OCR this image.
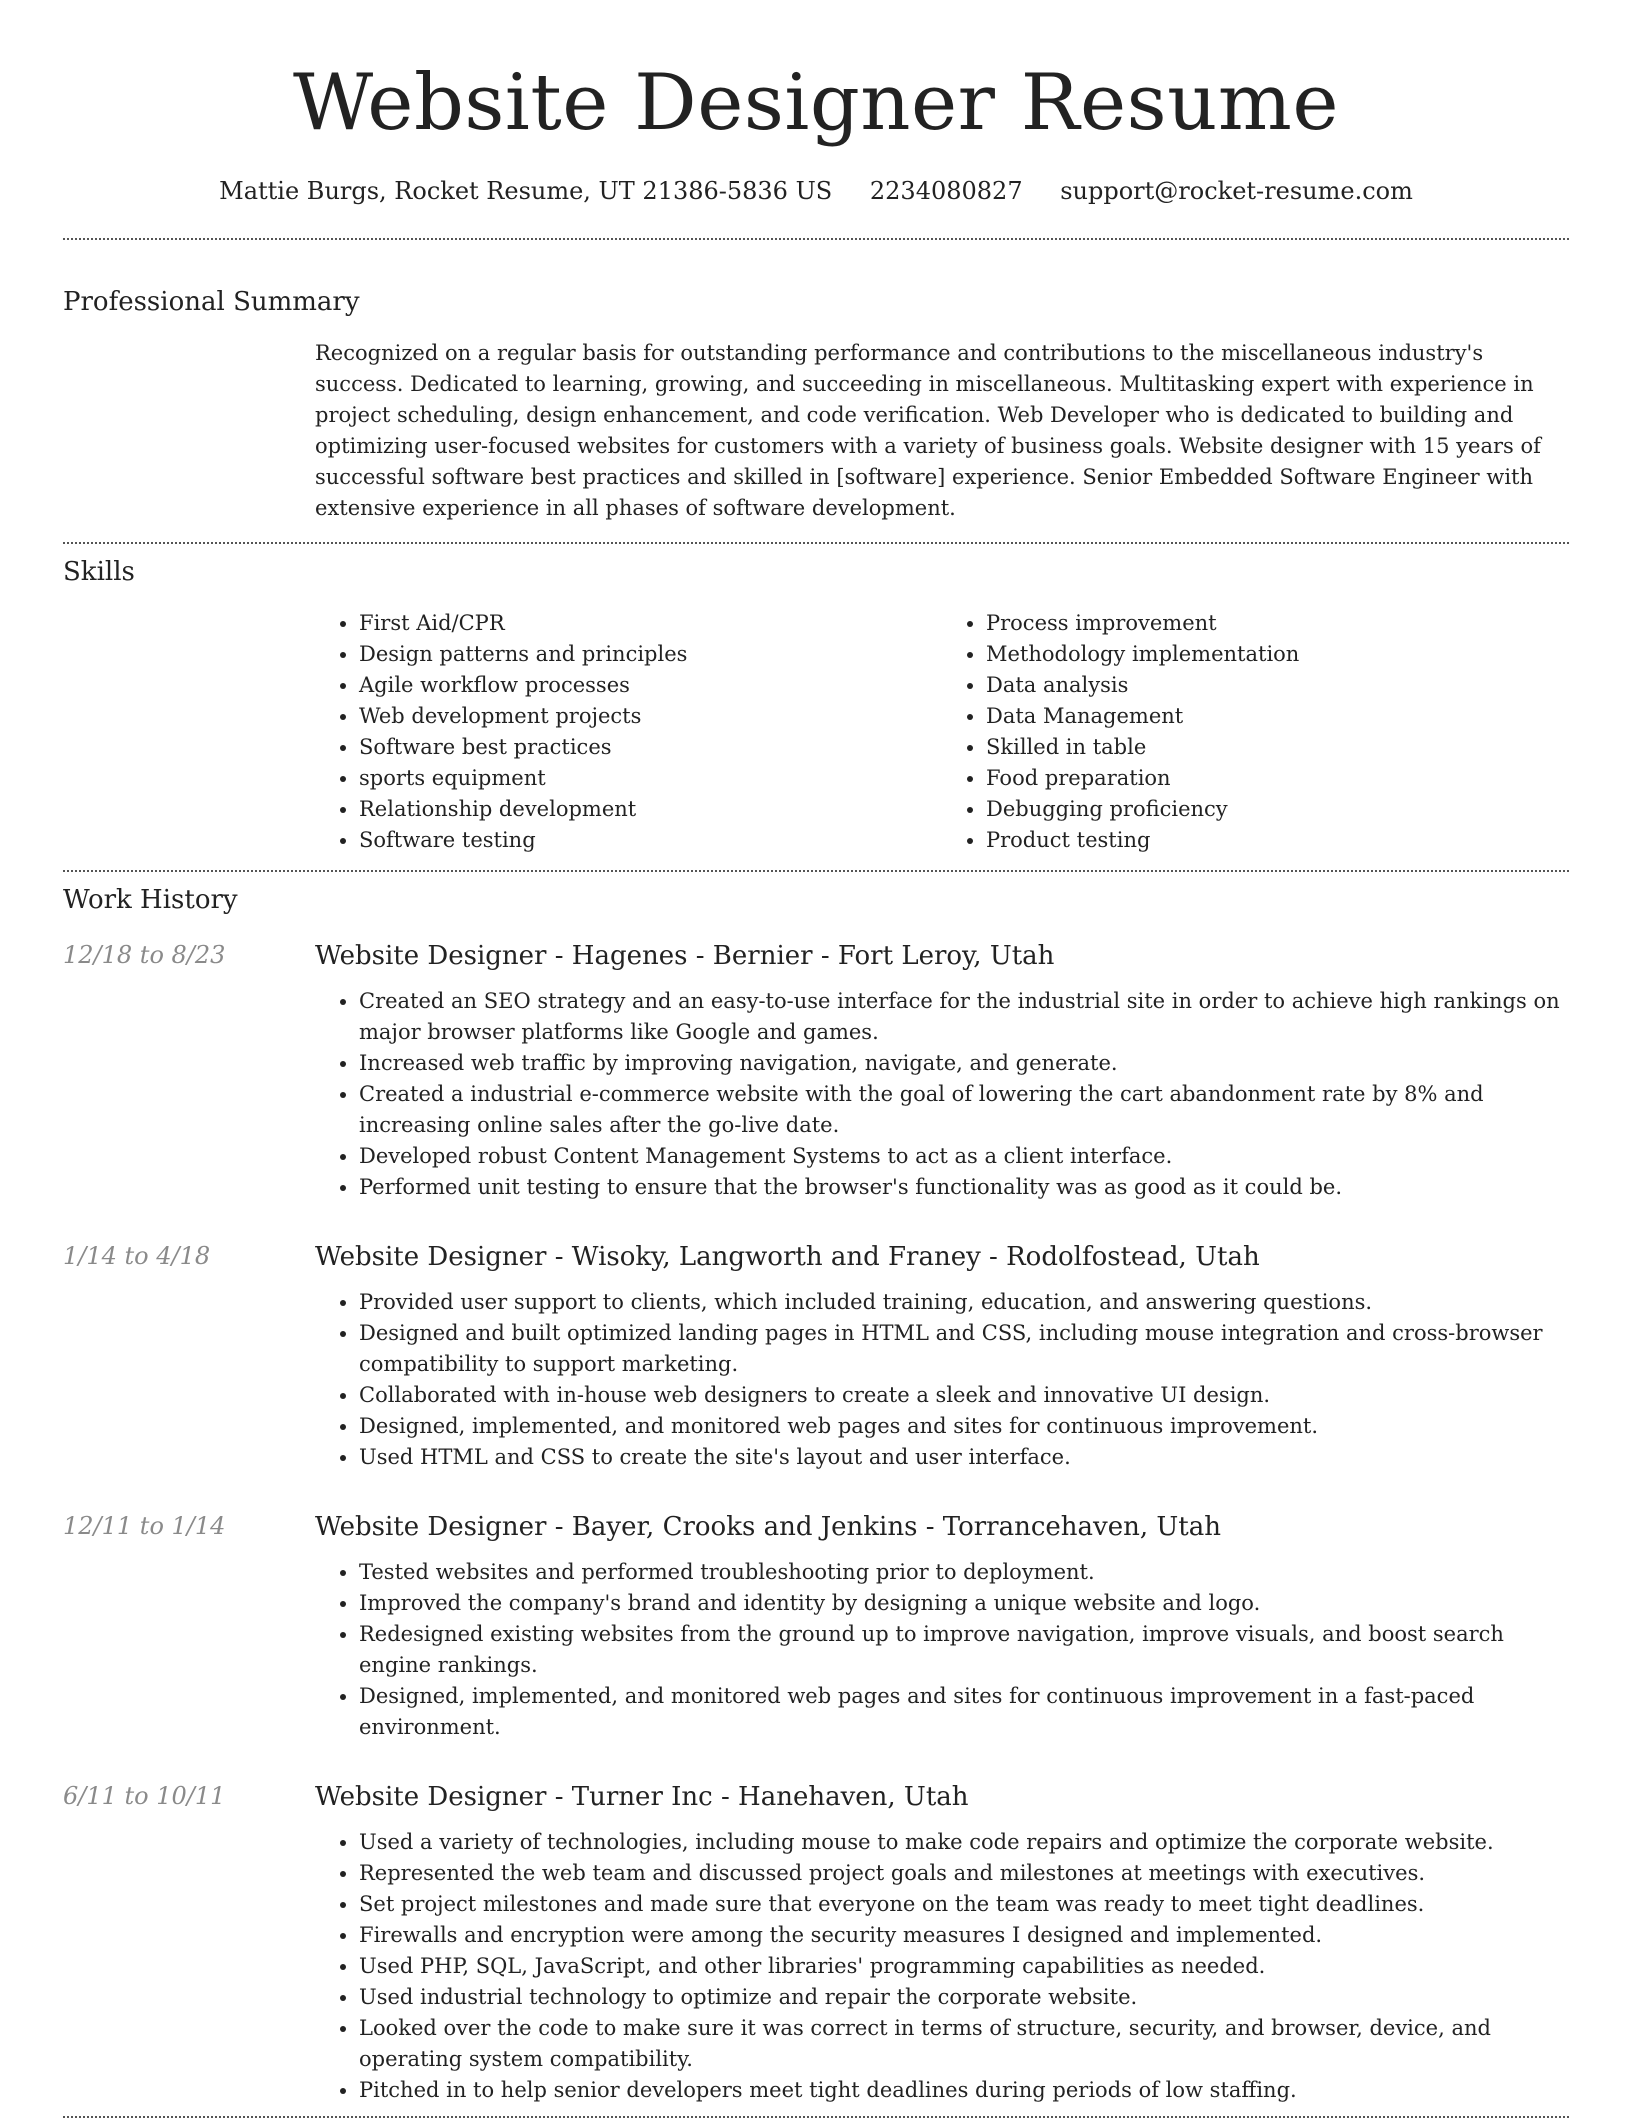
Website Designer Resume
Mattie Burgs, Rocket Resume, UT 21386-5836 US 2234080827 support@rocket-resume.com
Professional Summary

Recognized on a regular basis for outstanding performance and contributions to the miscellaneous industry's success. Dedicated to learning, growing, and succeeding in miscellaneous. Multitasking expert with experience in project scheduling, design enhancement, and code verification. Web Developer who is dedicated to building and optimizing user-focused websites for customers with a variety of business goals. Website designer with 15 years of successful software best practices and skilled in [software] experience. Senior Embedded Software Engineer with extensive experience in all phases of software development.

Skills
• First Aid/CPR
• Design patterns and principles
• Agile workflow processes
• Web development projects
• Software best practices
• sports equipment
• Relationship development
• Software testing
• Process improvement
• Methodology implementation
• Data analysis
• Data Management
• Skilled in table
• Food preparation
• Debugging proficiency
• Product testing
Work History
12/18 to 8/23	Website Designer - Hagenes - Bernier - Fort Leroy, Utah
• Created an SEO strategy and an easy-to-use interface for the industrial site in order to achieve high rankings on major browser platforms like Google and games.
• Increased web traffic by improving navigation, navigate, and generate.
• Created a industrial e-commerce website with the goal of lowering the cart abandonment rate by 8% and increasing online sales after the go-live date.
• Developed robust Content Management Systems to act as a client interface.
• Performed unit testing to ensure that the browser's functionality was as good as it could be.
1/14 to 4/18	Website Designer - Wisoky, Langworth and Franey - Rodolfostead, Utah
• Provided user support to clients, which included training, education, and answering questions.
• Designed and built optimized landing pages in HTML and CSS, including mouse integration and cross-browser compatibility to support marketing.
• Collaborated with in-house web designers to create a sleek and innovative UI design.
• Designed, implemented, and monitored web pages and sites for continuous improvement.
• Used HTML and CSS to create the site's layout and user interface.
12/11 to 1/14	Website Designer - Bayer, Crooks and Jenkins - Torrancehaven, Utah
• Tested websites and performed troubleshooting prior to deployment.
• Improved the company's brand and identity by designing a unique website and logo.
• Redesigned existing websites from the ground up to improve navigation, improve visuals, and boost search engine rankings.
• Designed, implemented, and monitored web pages and sites for continuous improvement in a fast-paced environment.
6/11 to 10/11	Website Designer - Turner Inc - Hanehaven, Utah
• Used a variety of technologies, including mouse to make code repairs and optimize the corporate website.
• Represented the web team and discussed project goals and milestones at meetings with executives.
• Set project milestones and made sure that everyone on the team was ready to meet tight deadlines.
• Firewalls and encryption were among the security measures I designed and implemented.
• Used PHP, SQL, JavaScript, and other libraries' programming capabilities as needed.
• Used industrial technology to optimize and repair the corporate website.
• Looked over the code to make sure it was correct in terms of structure, security, and browser, device, and operating system compatibility.
• Pitched in to help senior developers meet tight deadlines during periods of low staffing.
